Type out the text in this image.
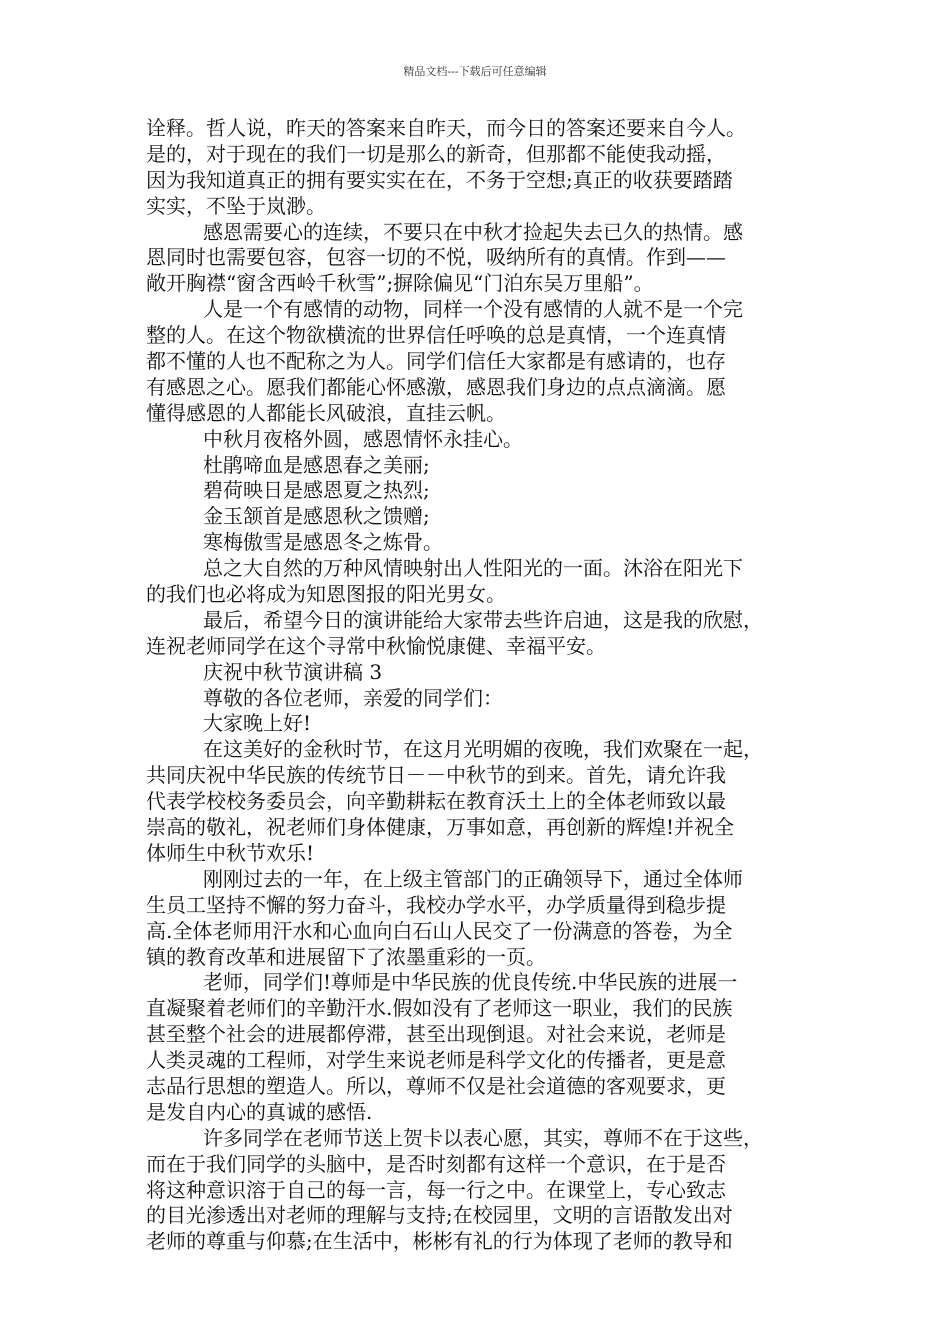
精品文档---下载后可任意编辑
诠释。哲人说，昨天的答案来自昨天，而今日的答案还要来自今人。
是的，对于现在的我们一切是那么的新奇，但那都不能使我动摇，
因为我知道真正的拥有要实实在在，不务于空想;真正的收获要踏踏
实实，不坠于岚渺。
感恩需要心的连续，不要只在中秋才捡起失去已久的热情。感
恩同时也需要包容，包容一切的不悦，吸纳所有的真情。作到——
敞开胸襟“窗含西岭千秋雪”;摒除偏见“门泊东吴万里船”。
人是一个有感情的动物，同样一个没有感情的人就不是一个完
整的人。在这个物欲横流的世界信任呼唤的总是真情，一个连真情
都不懂的人也不配称之为人。同学们信任大家都是有感请的，也存
有感恩之心。愿我们都能心怀感激，感恩我们身边的点点滴滴。愿
懂得感恩的人都能长风破浪，直挂云帆。
中秋月夜格外圆，感恩情怀永挂心。
杜鹃啼血是感恩春之美丽;
碧荷映日是感恩夏之热烈;
金玉颔首是感恩秋之馈赠;
寒梅傲雪是感恩冬之炼骨。
总之大自然的万种风情映射出人性阳光的一面。沐浴在阳光下
的我们也必将成为知恩图报的阳光男女。
最后，希望今日的演讲能给大家带去些许启迪，这是我的欣慰，
连祝老师同学在这个寻常中秋愉悦康健、幸福平安。
庆祝中秋节演讲稿 3
尊敬的各位老师，亲爱的同学们：
大家晚上好!
在这美好的金秋时节，在这月光明媚的夜晚，我们欢聚在一起，
共同庆祝中华民族的传统节日－－中秋节的到来。首先，请允许我
代表学校校务委员会，向辛勤耕耘在教育沃土上的全体老师致以最
崇高的敬礼，祝老师们身体健康，万事如意，再创新的辉煌!并祝全
体师生中秋节欢乐!
刚刚过去的一年，在上级主管部门的正确领导下，通过全体师
生员工坚持不懈的努力奋斗，我校办学水平，办学质量得到稳步提
高.全体老师用汗水和心血向白石山人民交了一份满意的答卷，为全
镇的教育改革和进展留下了浓墨重彩的一页。
老师，同学们!尊师是中华民族的优良传统.中华民族的进展一
直凝聚着老师们的辛勤汗水.假如没有了老师这一职业，我们的民族
甚至整个社会的进展都停滞，甚至出现倒退。对社会来说，老师是
人类灵魂的工程师，对学生来说老师是科学文化的传播者，更是意
志品行思想的塑造人。所以，尊师不仅是社会道德的客观要求，更
是发自内心的真诚的感悟.
许多同学在老师节送上贺卡以表心愿，其实，尊师不在于这些，
而在于我们同学的头脑中，是否时刻都有这样一个意识，在于是否
将这种意识溶于自己的每一言，每一行之中。在课堂上，专心致志
的目光渗透出对老师的理解与支持;在校园里，文明的言语散发出对
老师的尊重与仰慕;在生活中，彬彬有礼的行为体现了老师的教导和
